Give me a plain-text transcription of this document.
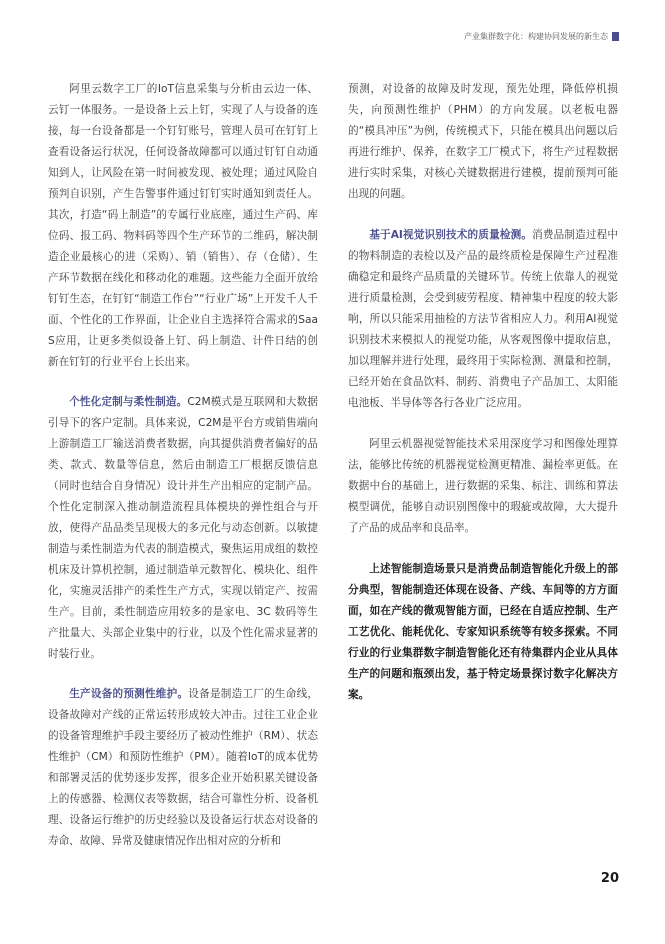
产业集群数字化：构建协同发展的新生态

阿里云数字工厂的IoT信息采集与分析由云边一体、云钉一体服务。一是设备上云上钉，实现了人与设备的连接，每一台设备都是一个钉钉账号，管理人员可在钉钉上查看设备运行状况，任何设备故障都可以通过钉钉自动通知到人，让风险在第一时间被发现、被处理；通过风险自预判自识别，产生告警事件通过钉钉实时通知到责任人。其次，打造“码上制造”的专属行业底座，通过生产码、库位码、报工码、物料码等四个生产环节的二维码，解决制造企业最核心的进（采购）、销（销售）、存（仓储）、生产环节数据在线化和移动化的难题。这些能力全面开放给钉钉生态，在钉钉“制造工作台”“行业广场”上开发千人千面、个性化的工作界面，让企业自主选择符合需求的SaaS应用，让更多类似设备上钉、码上制造、计件日结的创新在钉钉的行业平台上长出来。

个性化定制与柔性制造。C2M模式是互联网和大数据引导下的客户定制。具体来说，C2M是平台方或销售端向上游制造工厂输送消费者数据，向其提供消费者偏好的品类、款式、数量等信息，然后由制造工厂根据反馈信息（同时也结合自身情况）设计并生产出相应的定制产品。个性化定制深入推动制造流程具体模块的弹性组合与开放，使得产品品类呈现极大的多元化与动态创新。以敏捷制造与柔性制造为代表的制造模式，聚焦运用成组的数控机床及计算机控制，通过制造单元数智化、模块化、组件化，实施灵活排产的柔性生产方式，实现以销定产、按需生产。目前，柔性制造应用较多的是家电、3C 数码等生产批量大、头部企业集中的行业，以及个性化需求显著的时装行业。

生产设备的预测性维护。设备是制造工厂的生命线，设备故障对产线的正常运转形成较大冲击。过往工业企业的设备管理维护手段主要经历了被动性维护（RM）、状态性维护（CM）和预防性维护（PM）。随着IoT的成本优势和部署灵活的优势逐步发挥，很多企业开始积累关键设备上的传感器、检测仪表等数据，结合可靠性分析、设备机理、设备运行维护的历史经验以及设备运行状态对设备的寿命、故障、异常及健康情况作出相对应的分析和

预测，对设备的故障及时发现，预先处理，降低停机损失，向预测性维护（PHM）的方向发展。以老板电器的“模具冲压”为例，传统模式下，只能在模具出问题以后再进行维护、保养，在数字工厂模式下，将生产过程数据进行实时采集，对核心关键数据进行建模，提前预判可能出现的问题。

基于AI视觉识别技术的质量检测。消费品制造过程中的物料制造的表检以及产品的最终质检是保障生产过程准确稳定和最终产品质量的关键环节。传统上依靠人的视觉进行质量检测，会受到疲劳程度、精神集中程度的较大影响，所以只能采用抽检的方法节省相应人力。利用AI视觉识别技术来模拟人的视觉功能，从客观图像中提取信息，加以理解并进行处理，最终用于实际检测、测量和控制，已经开始在食品饮料、制药、消费电子产品加工、太阳能电池板、半导体等各行各业广泛应用。

阿里云机器视觉智能技术采用深度学习和图像处理算法，能够比传统的机器视觉检测更精准、漏检率更低。在数据中台的基础上，进行数据的采集、标注、训练和算法模型调优，能够自动识别图像中的瑕疵或故障，大大提升了产品的成品率和良品率。

上述智能制造场景只是消费品制造智能化升级上的部分典型，智能制造还体现在设备、产线、车间等的方方面面，如在产线的微观智能方面，已经在自适应控制、生产工艺优化、能耗优化、专家知识系统等有较多探索。不同行业的行业集群数字制造智能化还有待集群内企业从具体生产的问题和瓶颈出发，基于特定场景探讨数字化解决方案。

20
